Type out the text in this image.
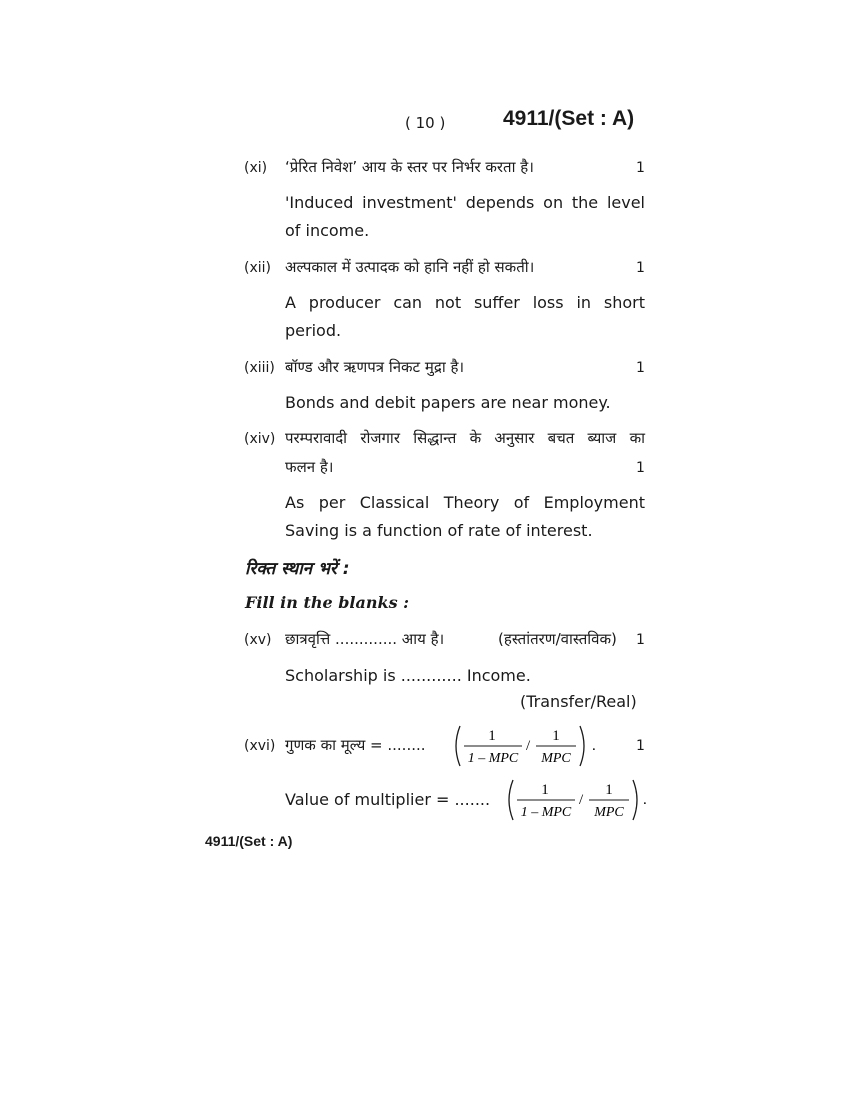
( 10 )	4911/(Set : A)
(xi) ‘प्रेरित निवेश’ आय के स्तर पर निर्भर करता है।	1
'Induced investment' depends on the level of income.
(xii) अल्पकाल में उत्पादक को हानि नहीं हो सकती।	1
A producer can not suffer loss in short period.
(xiii) बॉण्ड और ऋणपत्र निकट मुद्रा है।	1
Bonds and debit papers are near money.
(xiv) परम्परावादी रोजगार सिद्धान्त के अनुसार बचत ब्याज का
फलन है।	1
As per Classical Theory of Employment Saving is a function of rate of interest.
रिक्त स्थान भरें :
Fill in the blanks :
(xv) छात्रवृत्ति ............. आय है।	(हस्तांतरण/वास्तविक) 1
Scholarship is ............ Income.
(Transfer/Real)
(xvi) गुणक का मूल्य = ........	1
1
1 – MPC
/
1
MPC
.
Value of multiplier = .......	1
1 – MPC
/
1
MPC
.
4911/(Set : A)
